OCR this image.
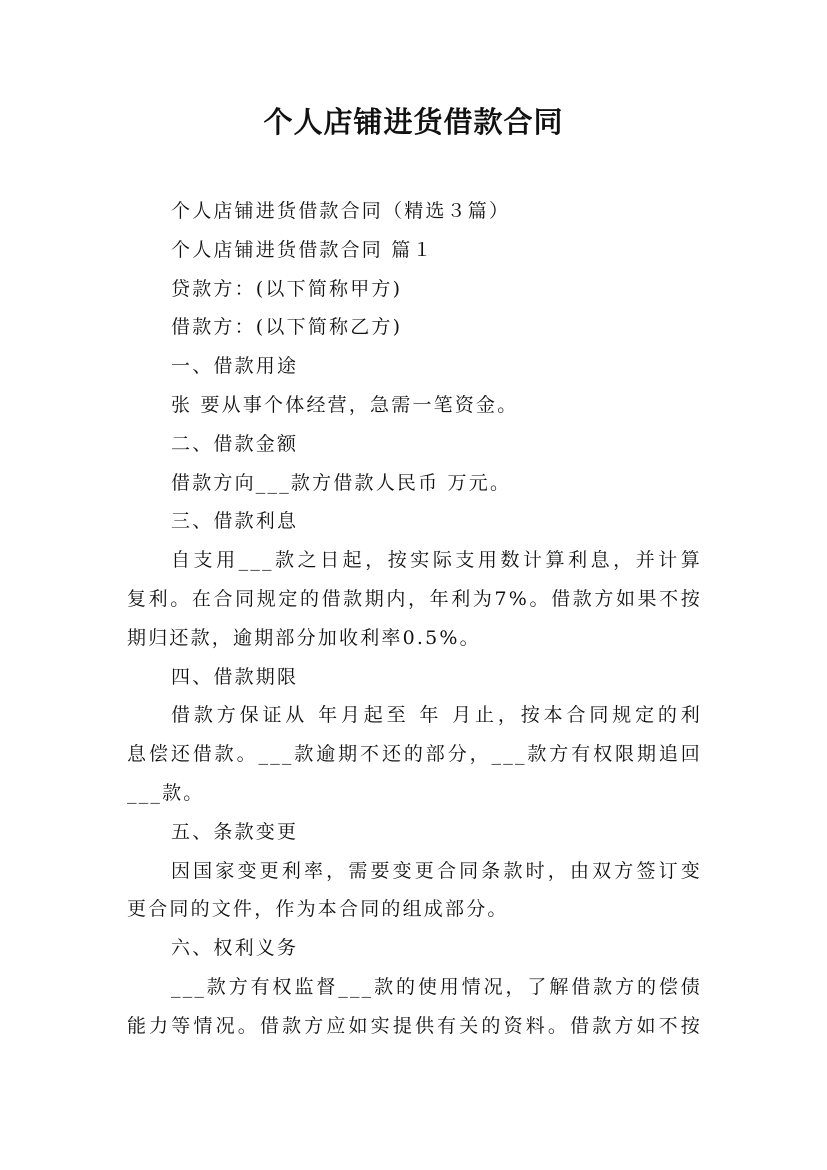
个人店铺进货借款合同
个人店铺进货借款合同（精选３篇）
个人店铺进货借款合同 篇１
贷款方：(以下简称甲方)
借款方：(以下简称乙方)
一、借款用途
张 要从事个体经营，急需一笔资金。
二、借款金额
借款方向___款方借款人民币 万元。
三、借款利息
自支用___款之日起，按实际支用数计算利息，并计算
复利。在合同规定的借款期内，年利为7%。借款方如果不按
期归还款，逾期部分加收利率0.5%。
四、借款期限
借款方保证从 年月起至 年 月止，按本合同规定的利
息偿还借款。___款逾期不还的部分，___款方有权限期追回
___款。
五、条款变更
因国家变更利率，需要变更合同条款时，由双方签订变
更合同的文件，作为本合同的组成部分。
六、权利义务
___款方有权监督___款的使用情况，了解借款方的偿债
能力等情况。借款方应如实提供有关的资料。借款方如不按
